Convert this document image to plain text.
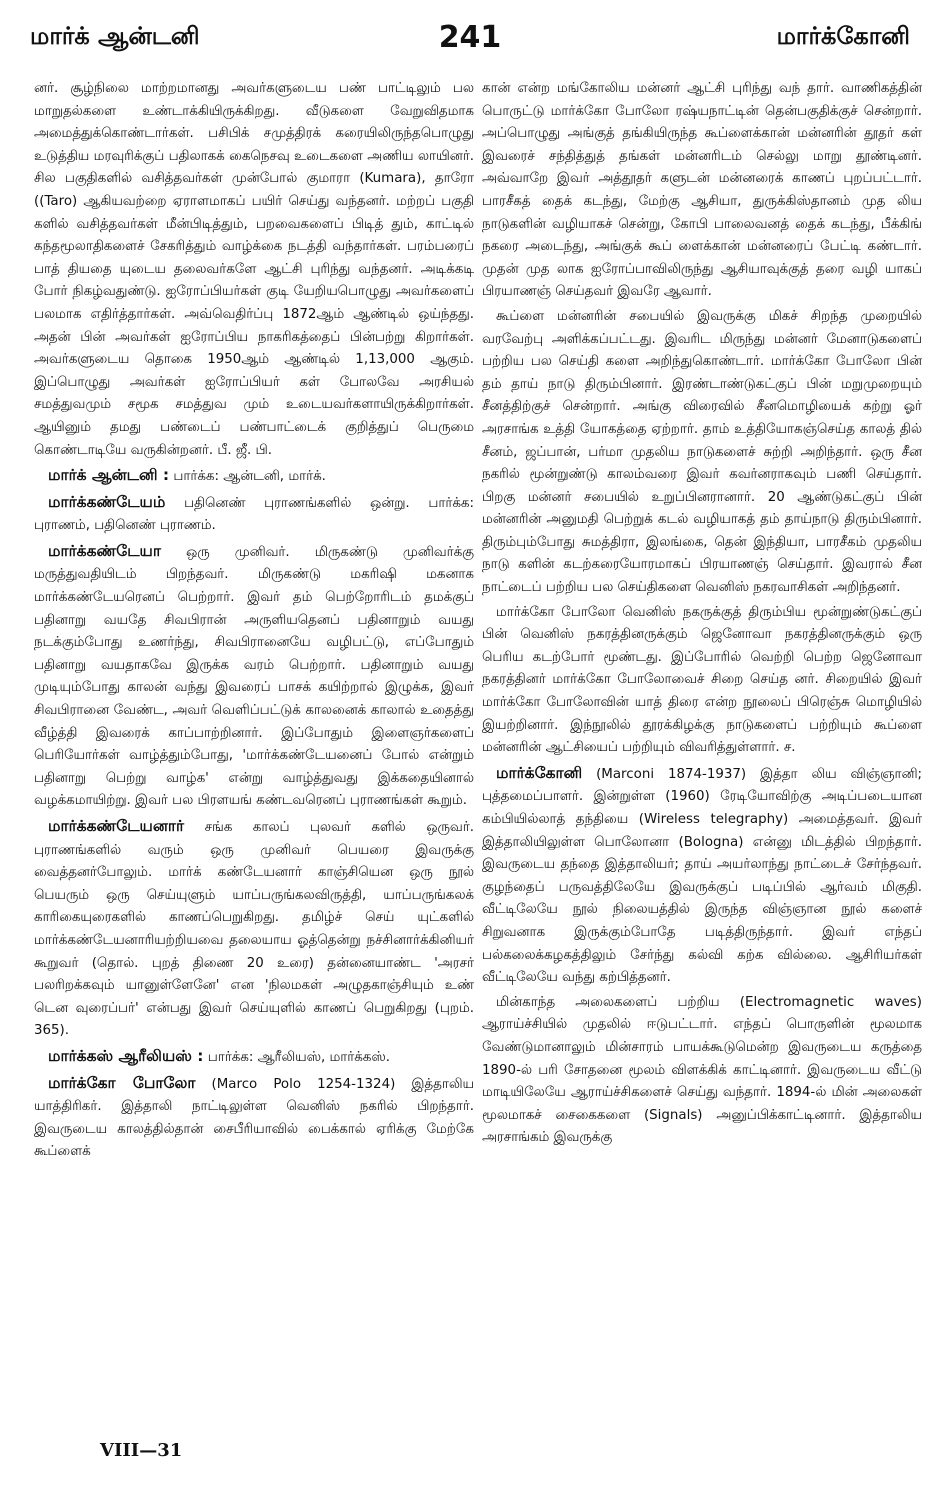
மார்க் ஆன்டனி	241	மார்க்கோனி

னர். சூழ்நிலை மாற்றமானது அவர்களுடைய பண் பாட்டிலும் பல மாறுதல்களை உண்டாக்கியிருக்கிறது. வீடுகளை வேறுவிதமாக அமைத்துக்கொண்டார்கள். பசிபிக் சமுத்திரக் கரையிலிருந்தபொழுது உடுத்திய மரவுரிக்குப் பதிலாகக் கைநெசவு உடைகளை அணிய லாயினர். சில பகுதிகளில் வசித்தவர்கள் முன்போல் குமாரா (Kumara), தாரோ ((Taro) ஆகியவற்றை ஏராளமாகப் பயிர் செய்து வந்தனர். மற்றப் பகுதி களில் வசித்தவர்கள் மீன்பிடித்தும், பறவைகளைப் பிடித் தும், காட்டில் கந்தமூலாதிகளைச் சேகரித்தும் வாழ்க்கை நடத்தி வந்தார்கள். பரம்பரைப் பாத் தியதை யுடைய தலைவர்களே ஆட்சி புரிந்து வந்தனர். அடிக்கடி போர் நிகழ்வதுண்டு. ஐரோப்பியர்கள் குடி யேறியபொழுது அவர்களைப் பலமாக எதிர்த்தார்கள். அவ்வெதிர்ப்பு 1872ஆம் ஆண்டில் ஒய்ந்தது. அதன் பின் அவர்கள் ஐரோப்பிய நாகரிகத்தைப் பின்பற்று கிறார்கள். அவர்களுடைய தொகை 1950ஆம் ஆண்டில் 1,13,000 ஆகும். இப்பொழுது அவர்கள் ஐரோப்பியர் கள் போலவே அரசியல் சமத்துவமும் சமூக சமத்துவ மும் உடையவர்களாயிருக்கிறார்கள். ஆயினும் தமது பண்டைப் பண்பாட்டைக் குறித்துப் பெருமை கொண்டாடியே வருகின்றனர். பீ. ஜீ. பி.

மார்க் ஆன்டனி : பார்க்க: ஆன்டனி, மார்க்.

மார்க்கண்டேயம் பதினெண் புராணங்களில் ஒன்று. பார்க்க: புராணம், பதினெண் புராணம்.

மார்க்கண்டேயா ஒரு முனிவர். மிருகண்டு முனிவர்க்கு மருத்துவதியிடம் பிறந்தவர். மிருகண்டு மகரிஷி மகனாக மார்க்கண்டேயரெனப் பெற்றார். இவர் தம் பெற்றோரிடம் தமக்குப் பதினாறு வயதே சிவபிரான் அருளியதெனப் பதினாறும் வயது நடக்கும்போது உணர்ந்து, சிவபிரானையே வழிபட்டு, எப்போதும் பதினாறு வயதாகவே இருக்க வரம் பெற்றார். பதினாறும் வயது முடியும்போது காலன் வந்து இவரைப் பாசக் கயிற்றால் இழுக்க, இவர் சிவபிரானை வேண்ட, அவர் வெளிப்பட்டுக் காலனைக் காலால் உதைத்து வீழ்த்தி இவரைக் காப்பாற்றினார். இப்போதும் இளைஞர்களைப் பெரியோர்கள் வாழ்த்தும்போது, 'மார்க்கண்டேயனைப் போல் என்றும் பதினாறு பெற்று வாழ்க' என்று வாழ்த்துவது இக்கதையினால் வழக்கமாயிற்று. இவர் பல பிரளயங் கண்டவரெனப் புராணங்கள் கூறும்.

மார்க்கண்டேயனார் சங்க காலப் புலவர் களில் ஒருவர். புராணங்களில் வரும் ஒரு முனிவர் பெயரை இவருக்கு வைத்தனர்போலும். மார்க் கண்டேயனார் காஞ்சியென ஒரு நூல் பெயரும் ஒரு செய்யுளும் யாப்பருங்கலவிருத்தி, யாப்பருங்கலக் காரிகையுரைகளில் காணப்பெறுகிறது. தமிழ்ச் செய் யுட்களில் மார்க்கண்டேயனாரியற்றியவை தலையாய ஓத்தென்று நச்சினார்க்கினியர் கூறுவர் (தொல். புறத் திணை 20 உரை) தன்னையாண்ட 'அரசர் பலரிறக்கவும் யானுள்ளேனே' என 'நிலமகள் அழுதகாஞ்சியும் உண் டென வுரைப்பர்' என்பது இவர் செய்யுளில் காணப் பெறுகிறது (புறம். 365).

மார்க்கஸ் ஆரீலியஸ் : பார்க்க: ஆரீலியஸ், மார்க்கஸ்.

மார்க்கோ போலோ (Marco Polo 1254-1324) இத்தாலிய யாத்திரிகர். இத்தாலி நாட்டிலுள்ள வெனிஸ் நகரில் பிறந்தார். இவருடைய காலத்தில்தான் சைபீரியாவில் பைக்கால் ஏரிக்கு மேற்கே கூப்ளைக்

கான் என்ற மங்கோலிய மன்னர் ஆட்சி புரிந்து வந் தார். வாணிகத்தின் பொருட்டு மார்க்கோ போலோ ரஷ்யநாட்டின் தென்பகுதிக்குச் சென்றார். அப்பொழுது அங்குத் தங்கியிருந்த கூப்ளைக்கான் மன்னரின் தூதர் கள் இவரைச் சந்தித்துத் தங்கள் மன்னரிடம் செல்லு மாறு தூண்டினர். அவ்வாறே இவர் அத்தூதர் களுடன் மன்னரைக் காணப் புறப்பட்டார். பாரசீகத் தைக் கடந்து, மேற்கு ஆசியா, துருக்கிஸ்தானம் முத லிய நாடுகளின் வழியாகச் சென்று, கோபி பாலைவனத் தைக் கடந்து, பீக்கிங் நகரை அடைந்து, அங்குக் கூப் ளைக்கான் மன்னரைப் பேட்டி கண்டார். முதன் முத லாக ஐரோப்பாவிலிருந்து ஆசியாவுக்குத் தரை வழி யாகப் பிரயாணஞ் செய்தவர் இவரே ஆவார்.

கூப்ளை மன்னரின் சபையில் இவருக்கு மிகச் சிறந்த முறையில் வரவேற்பு அளிக்கப்பட்டது. இவரிட மிருந்து மன்னர் மேனாடுகளைப் பற்றிய பல செய்தி களை அறிந்துகொண்டார். மார்க்கோ போலோ பின் தம் தாய் நாடு திரும்பினார். இரண்டாண்டுகட்குப் பின் மறுமுறையும் சீனத்திற்குச் சென்றார். அங்கு விரைவில் சீனமொழியைக் கற்று ஓர் அரசாங்க உத்தி யோகத்தை ஏற்றார். தாம் உத்தியோகஞ்செய்த காலத் தில் சீனம், ஜப்பான், பர்மா முதலிய நாடுகளைச் சுற்றி அறிந்தார். ஒரு சீன நகரில் மூன்றுண்டு காலம்வரை இவர் கவர்னராகவும் பணி செய்தார். பிறகு மன்னர் சபையில் உறுப்பினரானார். 20 ஆண்டுகட்குப் பின் மன்னரின் அனுமதி பெற்றுக் கடல் வழியாகத் தம் தாய்நாடு திரும்பினார். திரும்பும்போது சுமத்திரா, இலங்கை, தென் இந்தியா, பாரசீகம் முதலிய நாடு களின் கடற்கரையோரமாகப் பிரயாணஞ் செய்தார். இவரால் சீன நாட்டைப் பற்றிய பல செய்திகளை வெனிஸ் நகரவாசிகள் அறிந்தனர்.

மார்க்கோ போலோ வெனிஸ் நகருக்குத் திரும்பிய மூன்றுண்டுகட்குப் பின் வெனிஸ் நகரத்தினருக்கும் ஜெனோவா நகரத்தினருக்கும் ஒரு பெரிய கடற்போர் மூண்டது. இப்போரில் வெற்றி பெற்ற ஜெனோவா நகரத்தினர் மார்க்கோ போலோவைச் சிறை செய்த னர். சிறையில் இவர் மார்க்கோ போலோவின் யாத் திரை என்ற நூலைப் பிரெஞ்சு மொழியில் இயற்றினார். இந்நூலில் தூரக்கிழக்கு நாடுகளைப் பற்றியும் கூப்ளை மன்னரின் ஆட்சியைப் பற்றியும் விவரித்துள்ளார். ச.

மார்க்கோனி (Marconi 1874-1937) இத்தா லிய விஞ்ஞானி; புத்தமைப்பாளர். இன்றுள்ள (1960) ரேடியோவிற்கு அடிப்படையான கம்பியில்லாத் தந்தியை (Wireless telegraphy) அமைத்தவர். இவர் இத்தாலியிலுள்ள பொலோனா (Bologna) என்னு மிடத்தில் பிறந்தார். இவருடைய தந்தை இத்தாலியர்; தாய் அயர்லாந்து நாட்டைச் சேர்ந்தவர். குழந்தைப் பருவத்திலேயே இவருக்குப் படிப்பில் ஆர்வம் மிகுதி. வீட்டிலேயே நூல் நிலையத்தில் இருந்த விஞ்ஞான நூல் களைச் சிறுவனாக இருக்கும்போதே படித்திருந்தார். இவர் எந்தப் பல்கலைக்கழகத்திலும் சேர்ந்து கல்வி கற்க வில்லை. ஆசிரியர்கள் வீட்டிலேயே வந்து கற்பித்தனர்.

மின்காந்த அலைகளைப் பற்றிய (Electromagnetic waves) ஆராய்ச்சியில் முதலில் ஈடுபட்டார். எந்தப் பொருளின் மூலமாக வேண்டுமானாலும் மின்சாரம் பாயக்கூடுமென்ற இவருடைய கருத்தை 1890-ல் பரி சோதனை மூலம் விளக்கிக் காட்டினார். இவருடைய வீட்டு மாடியிலேயே ஆராய்ச்சிகளைச் செய்து வந்தார். 1894-ல் மின் அலைகள் மூலமாகச் சைகைகளை (Signals) அனுப்பிக்காட்டினார். இத்தாலிய அரசாங்கம் இவருக்கு

VIII—31
